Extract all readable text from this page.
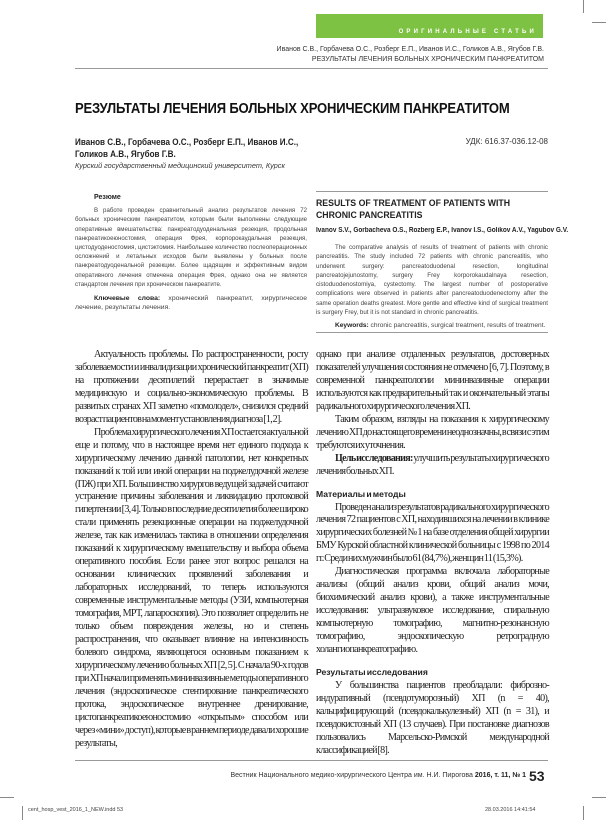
ОРИГИНАЛЬНЫЕ СТАТЬИ
Иванов С.В., Горбачева О.С., Розберг Е.П., Иванов И.С., Голиков А.В., Ягубов Г.В.
РЕЗУЛЬТАТЫ ЛЕЧЕНИЯ БОЛЬНЫХ ХРОНИЧЕСКИМ ПАНКРЕАТИТОМ
РЕЗУЛЬТАТЫ ЛЕЧЕНИЯ БОЛЬНЫХ ХРОНИЧЕСКИМ ПАНКРЕАТИТОМ
Иванов С.В., Горбачева О.С., Розберг Е.П., Иванов И.С.,
Голиков А.В., Ягубов Г.В.
Курский государственный медицинский университет, Курск
УДК: 616.37-036.12-08
Резюме

В работе проведен сравнительный анализ результатов лечения 72 больных хроническим панкреатитом, которым были выполнены следующие оперативные вмешательства: панкреатодуоденальная резекция, продольная панкреатикоеюностомия, операция Фрея, корпорокаудальная резекция, цистодуоденостомия, цистэктомия. Наибольшее количество послеоперационных осложнений и летальных исходов были выявлены у больных после панкреатодуоденальной резекции. Более щадящим и эффективным видом оперативного лечения отмечена операция Фрея, однако она не является стандартом лечения при хроническом панкреатите.

Ключевые слова: хронический панкреатит, хирургическое лечение, результаты лечения.

RESULTS OF TREATMENT OF PATIENTS WITH CHRONIC PANCREATITIS
Ivanov S.V., Gorbacheva O.S., Rozberg E.P., Ivanov I.S., Golikov A.V., Yagubov G.V.

The comparative analysis of results of treatment of patients with chronic pancreatitis. The study included 72 patients with chronic pancreatitis, who underwent surgery: pancreatoduodenal resection, longitudinal pancreatojejunostomy, surgery Frey korporokaudalnaya resection, cistoduodenostomiya, cystectomy. The largest number of postoperative complications were observed in patients after pancreatoduodenectomy after the same operation deaths greatest. More gentle and effective kind of surgical treatment is surgery Frey, but it is not standard in chronic pancreatitis.

Keywords: chronic pancreatitis, surgical treatment, results of treatment.

Актуальность проблемы. По распространенности, росту заболеваемости и инвалидизации хронический панкреатит (ХП) на протяжении десятилетий перерастает в значимые медицинскую и социально-экономическую проблемы. В развитых странах ХП заметно «помолодел», снизился средний возраст пациентов на момент установления диагноза [1, 2].

Проблема хирургического лечения ХП остается актуальной еще и потому, что в настоящее время нет единого подхода к хирургическому лечению данной патологии, нет конкретных показаний к той или иной операции на поджелудочной железе (ПЖ) при ХП. Большинство хирургов ведущей задачей считают устранение причины заболевания и ликвидацию протоковой гипертензии [3, 4]. Только в последние десятилетия более широко стали применять резекционные операции на поджелудочной железе, так как изменилась тактика в отношении определения показаний к хирургическому вмешательству и выбора объема оперативного пособия. Если ранее этот вопрос решался на основании клинических проявлений заболевания и лабораторных исследований, то теперь используются современные инструментальные методы (УЗИ, компьютерная томография, МРТ, лапароскопия). Это позволяет определить не только объем повреждения железы, но и степень распространения, что оказывает влияние на интенсивность болевого синдрома, являющегося основным показанием к хирургическому лечению больных ХП [2, 5]. С начала 90-х годов при ХП начали применять мининвазивные методы оперативного лечения (эндоскопическое стентирование панкреатического протока, эндоскопическое внутреннее дренирование, цистопанкреатикоеюностомию «открытым» способом или через «мини» доступ), которые в раннем периоде давали хорошие результаты,

однако при анализе отдаленных результатов, достоверных показателей улучшения состояния не отмечено [6, 7]. Поэтому, в современной панкреатологии мининвазивные операции используются как предварительный так и окончательный этапы радикального хирургического лечения ХП.

Таким образом, взгляды на показания к хирургическому лечению ХП до настоящего времени неоднозначны, в связи с этим требуются их уточнения.

Цель исследования: улучшить результаты хирургического лечения больных ХП.

Материалы и методы

Проведен анализ результатов радикального хирургического лечения 72 пациентов с ХП, находившихся на лечении в клинике хирургических болезней №1 на базе отделения общей хирургии БМУ Курской областной клинической больницы с 1998 по 2014 гг. Среди них мужчин было 61 (84,7%), женщин 11 (15,3%).

Диагностическая программа включала лабораторные анализы (общий анализ крови, общий анализ мочи, биохимический анализ крови), а также инструментальные исследования: ультразвуковое исследование, спиральную компьютерную томографию, магнитно-резонансную томографию, эндоскопическую ретроградную холангиопанкреатографию.

Результаты исследования

У большинства пациентов преобладали: фиброзно-индуративный (псевдотуморозный) ХП (n = 40), кальцифицирующий (псевдокалькулезный) ХП (n = 31), и псевдокистозный ХП (13 случаев). При постановке диагнозов пользовались Марсельско-Римской международной классификацией [8].

Вестник Национального медико-хирургического Центра им. Н.И. Пирогова 2016, т. 11, № 1 53
cent_hosp_vest_2016_1_NEW.indd 53	28.03.2016 14:41:54
